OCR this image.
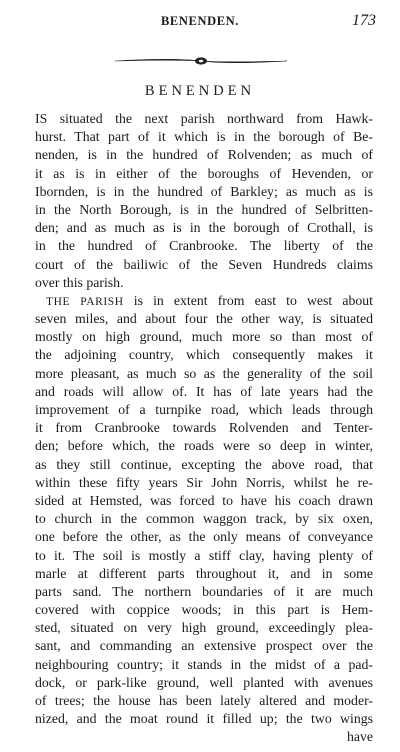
BENENDEN.	173
BENENDEN
IS situated the next parish northward from Hawk-
hurst. That part of it which is in the borough of Be-
nenden, is in the hundred of Rolvenden; as much of
it as is in either of the boroughs of Hevenden, or
Ibornden, is in the hundred of Barkley; as much as is
in the North Borough, is in the hundred of Selbritten-
den; and as much as is in the borough of Crothall, is
in the hundred of Cranbrooke. The liberty of the
court of the bailiwic of the Seven Hundreds claims
over this parish.
THE PARISH is in extent from east to west about
seven miles, and about four the other way, is situated
mostly on high ground, much more so than most of
the adjoining country, which consequently makes it
more pleasant, as much so as the generality of the soil
and roads will allow of. It has of late years had the
improvement of a turnpike road, which leads through
it from Cranbrooke towards Rolvenden and Tenter-
den; before which, the roads were so deep in winter,
as they still continue, excepting the above road, that
within these fifty years Sir John Norris, whilst he re-
sided at Hemsted, was forced to have his coach drawn
to church in the common waggon track, by six oxen,
one before the other, as the only means of conveyance
to it. The soil is mostly a stiff clay, having plenty of
marle at different parts throughout it, and in some
parts sand. The northern boundaries of it are much
covered with coppice woods; in this part is Hem-
sted, situated on very high ground, exceedingly plea-
sant, and commanding an extensive prospect over the
neighbouring country; it stands in the midst of a pad-
dock, or park-like ground, well planted with avenues
of trees; the house has been lately altered and moder-
nized, and the moat round it filled up; the two wings
have
